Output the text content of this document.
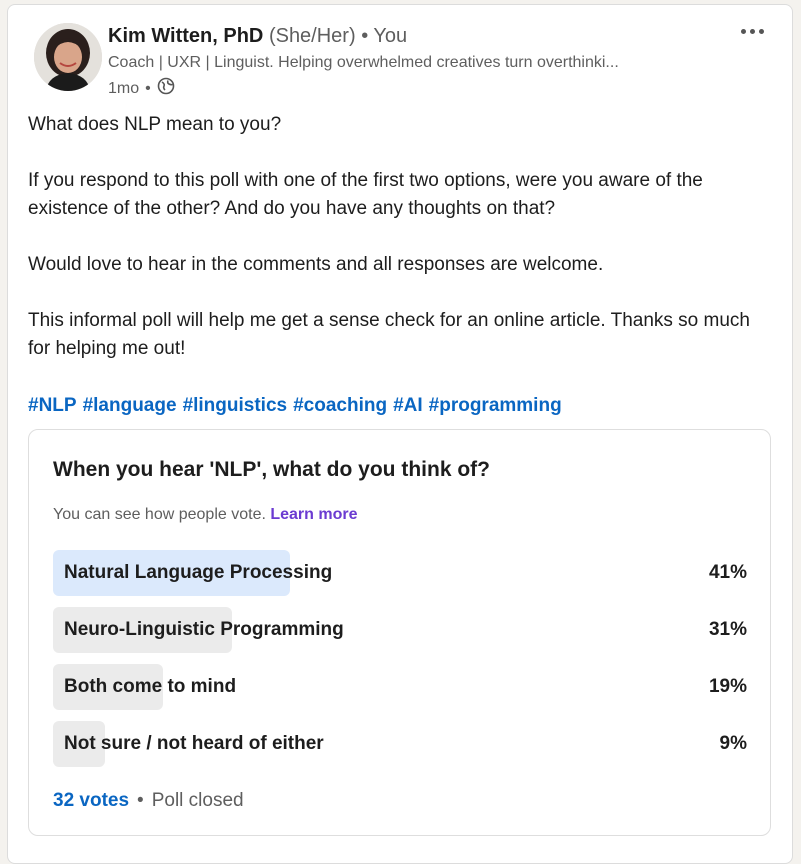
Kim Witten, PhD (She/Her) • You
Coach | UXR | Linguist. Helping overwhelmed creatives turn overthinki...
1mo •

What does NLP mean to you?

If you respond to this poll with one of the first two options, were you aware of the existence of the other? And do you have any thoughts on that?

Would love to hear in the comments and all responses are welcome.

This informal poll will help me get a sense check for an online article. Thanks so much for helping me out!

#NLP #language #linguistics #coaching #AI #programming
When you hear 'NLP', what do you think of?
You can see how people vote. Learn more
Natural Language Processing	41%
Neuro-Linguistic Programming	31%
Both come to mind	19%
Not sure / not heard of either	9%
32 votes • Poll closed
